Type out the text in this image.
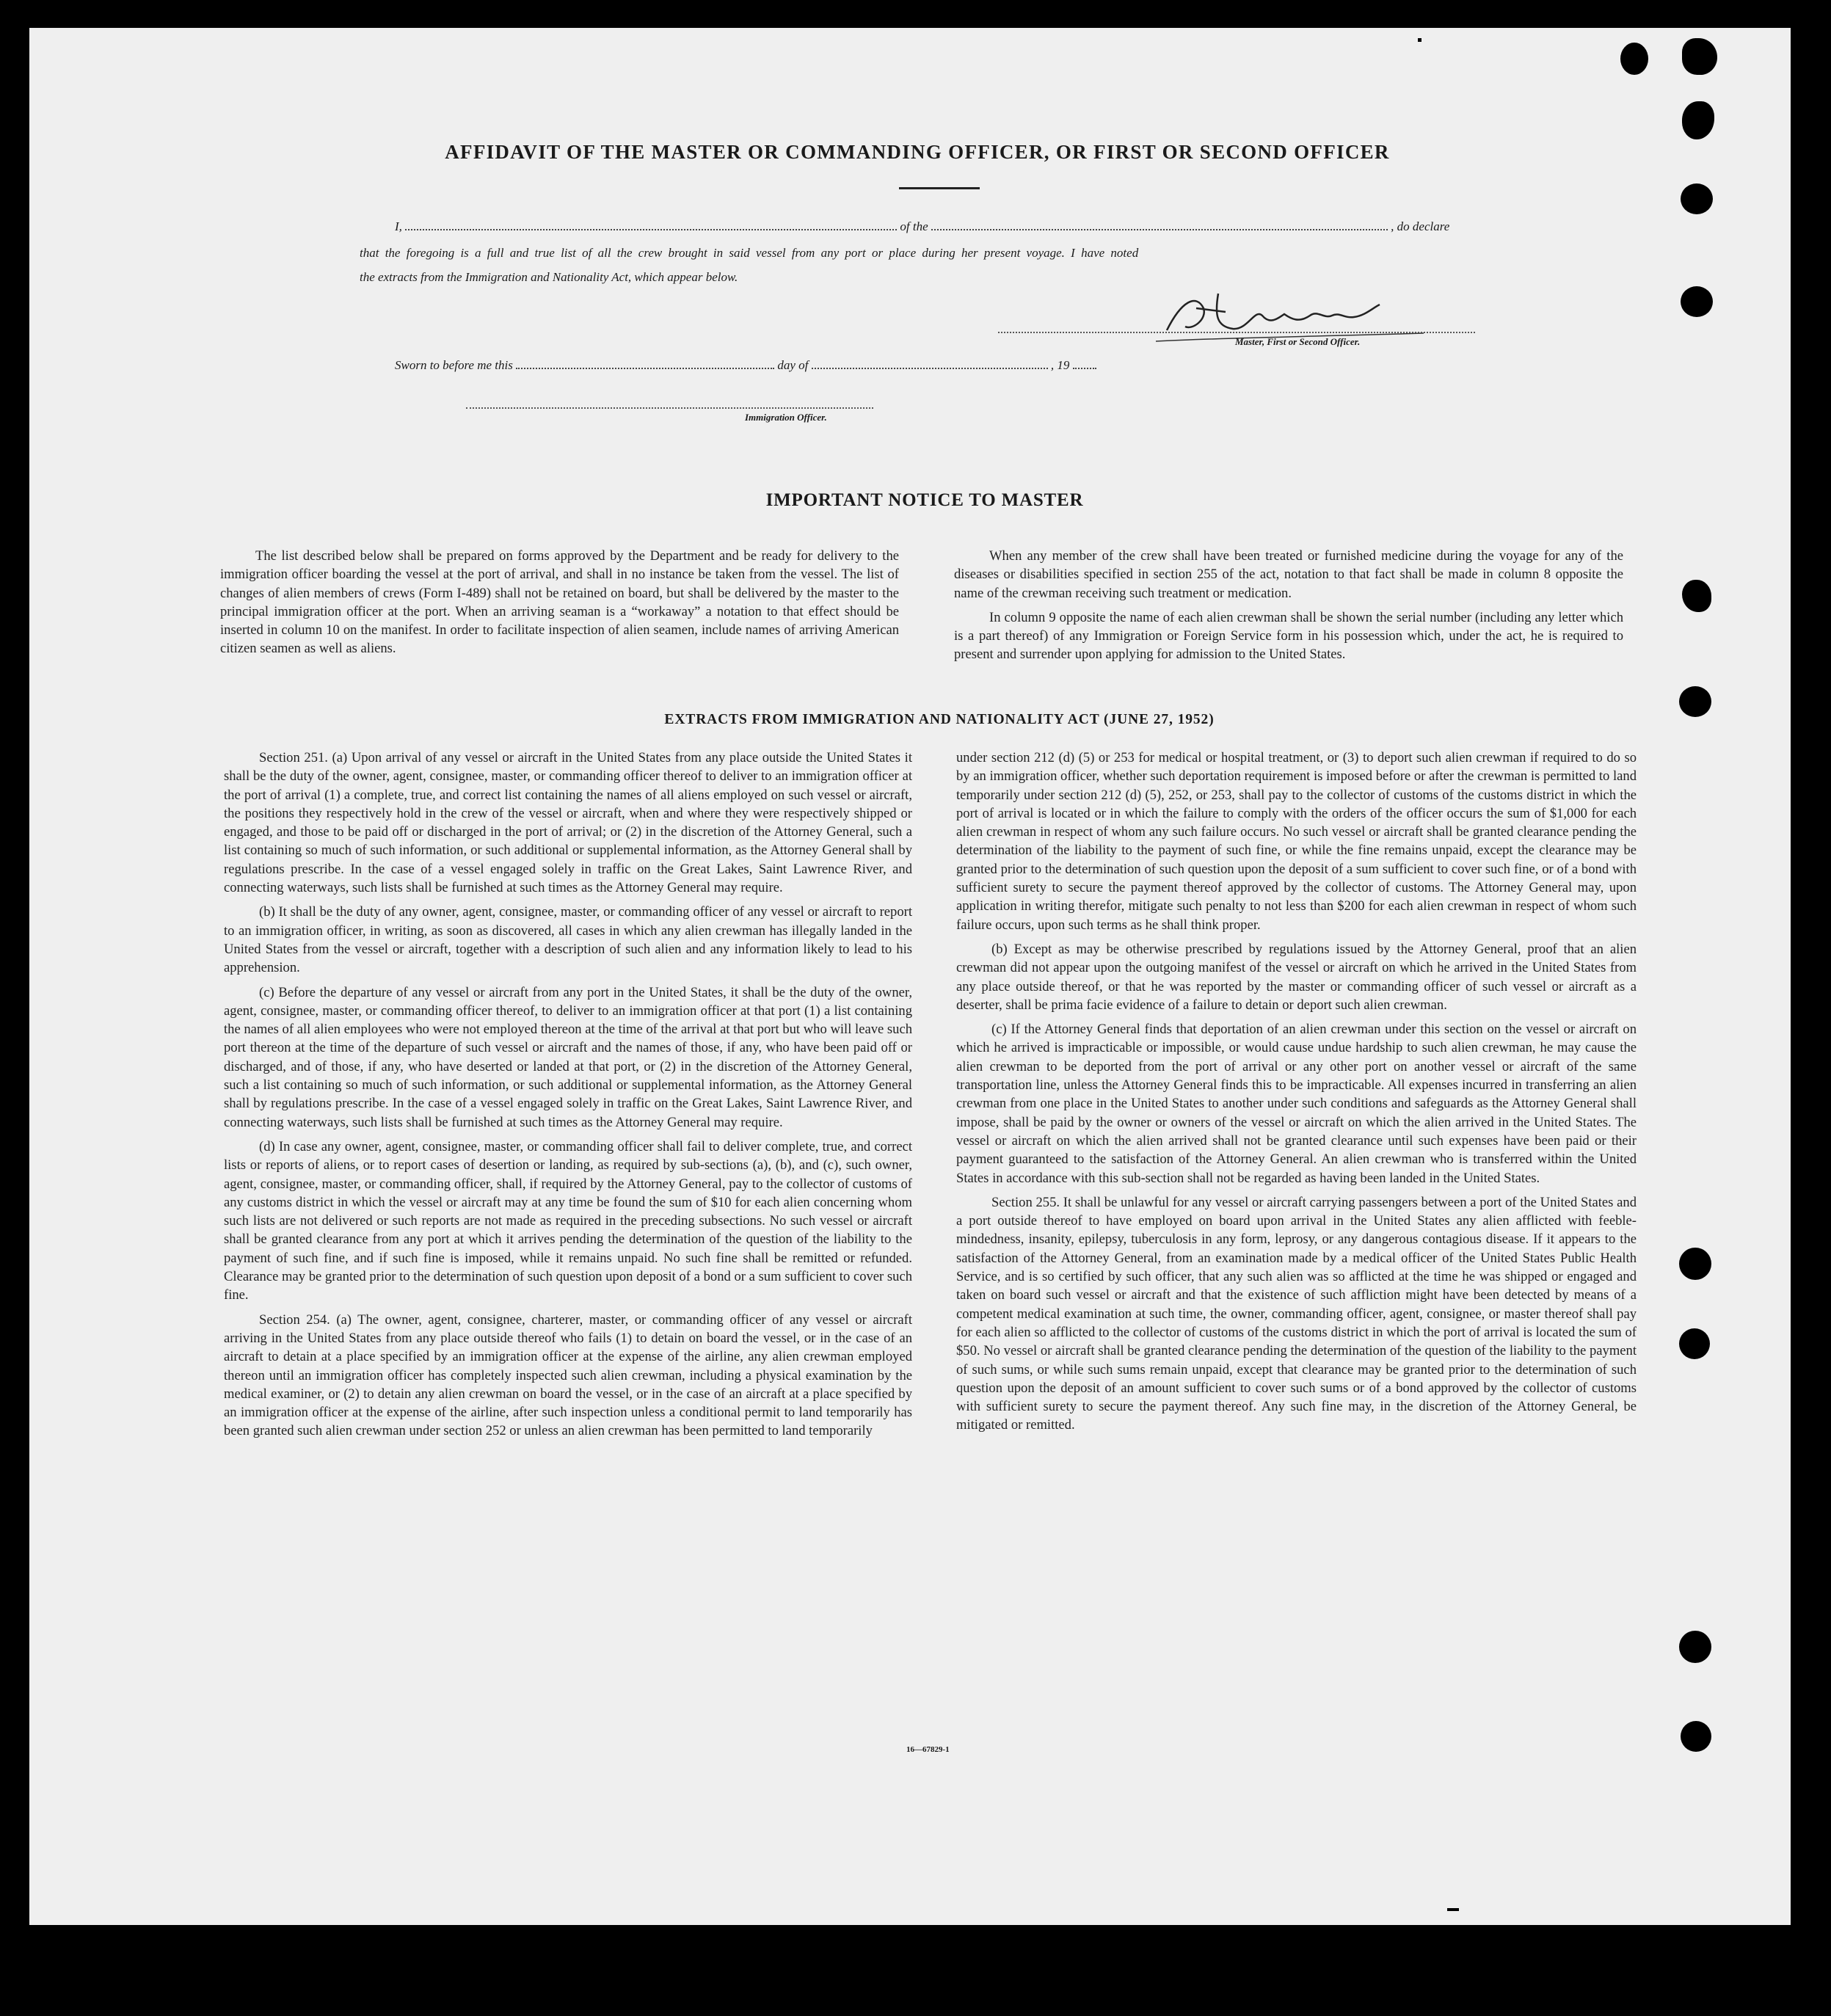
AFFIDAVIT OF THE MASTER OR COMMANDING OFFICER, OR FIRST OR SECOND OFFICER
I,	of the	, do declare
that the foregoing is a full and true list of all the crew brought in said vessel from any port or place during her present voyage. I have noted
the extracts from the Immigration and Nationality Act, which appear below.
Master, First or Second Officer.
Sworn to before me this	day of	, 19
Immigration Officer.
IMPORTANT NOTICE TO MASTER

The list described below shall be prepared on forms approved by the Department and be ready for delivery to the immigration officer boarding the vessel at the port of arrival, and shall in no instance be taken from the vessel. The list of changes of alien members of crews (Form I-489) shall not be retained on board, but shall be delivered by the master to the principal immigration officer at the port. When an arriving seaman is a “workaway” a notation to that effect should be inserted in column 10 on the manifest. In order to facilitate inspection of alien seamen, include names of arriving American citizen seamen as well as aliens.

When any member of the crew shall have been treated or furnished medicine during the voyage for any of the diseases or disabilities specified in section 255 of the act, notation to that fact shall be made in column 8 opposite the name of the crewman receiving such treatment or medication.

In column 9 opposite the name of each alien crewman shall be shown the serial number (including any letter which is a part thereof) of any Immigration or Foreign Service form in his possession which, under the act, he is required to present and surrender upon applying for admission to the United States.

EXTRACTS FROM IMMIGRATION AND NATIONALITY ACT (JUNE 27, 1952)

Section 251. (a) Upon arrival of any vessel or aircraft in the United States from any place outside the United States it shall be the duty of the owner, agent, consignee, master, or commanding officer thereof to deliver to an immigration officer at the port of arrival (1) a complete, true, and correct list containing the names of all aliens employed on such vessel or aircraft, the positions they respectively hold in the crew of the vessel or aircraft, when and where they were respectively shipped or engaged, and those to be paid off or discharged in the port of arrival; or (2) in the discretion of the Attorney General, such a list containing so much of such information, or such additional or supplemental information, as the Attorney General shall by regulations prescribe. In the case of a vessel engaged solely in traffic on the Great Lakes, Saint Lawrence River, and connecting waterways, such lists shall be furnished at such times as the Attorney General may require.

(b) It shall be the duty of any owner, agent, consignee, master, or commanding officer of any vessel or aircraft to report to an immigration officer, in writing, as soon as discovered, all cases in which any alien crewman has illegally landed in the United States from the vessel or aircraft, together with a description of such alien and any information likely to lead to his apprehension.

(c) Before the departure of any vessel or aircraft from any port in the United States, it shall be the duty of the owner, agent, consignee, master, or commanding officer thereof, to deliver to an immigration officer at that port (1) a list containing the names of all alien employees who were not employed thereon at the time of the arrival at that port but who will leave such port thereon at the time of the departure of such vessel or aircraft and the names of those, if any, who have been paid off or discharged, and of those, if any, who have deserted or landed at that port, or (2) in the discretion of the Attorney General, such a list containing so much of such information, or such additional or supplemental information, as the Attorney General shall by regulations prescribe. In the case of a vessel engaged solely in traffic on the Great Lakes, Saint Lawrence River, and connecting waterways, such lists shall be furnished at such times as the Attorney General may require.

(d) In case any owner, agent, consignee, master, or commanding officer shall fail to deliver complete, true, and correct lists or reports of aliens, or to report cases of desertion or landing, as required by sub-sections (a), (b), and (c), such owner, agent, consignee, master, or commanding officer, shall, if required by the Attorney General, pay to the collector of customs of any customs district in which the vessel or aircraft may at any time be found the sum of $10 for each alien concerning whom such lists are not delivered or such reports are not made as required in the preceding subsections. No such vessel or aircraft shall be granted clearance from any port at which it arrives pending the determination of the question of the liability to the payment of such fine, and if such fine is imposed, while it remains unpaid. No such fine shall be remitted or refunded. Clearance may be granted prior to the determination of such question upon deposit of a bond or a sum sufficient to cover such fine.

Section 254. (a) The owner, agent, consignee, charterer, master, or commanding officer of any vessel or aircraft arriving in the United States from any place outside thereof who fails (1) to detain on board the vessel, or in the case of an aircraft to detain at a place specified by an immigration officer at the expense of the airline, any alien crewman employed thereon until an immigration officer has completely inspected such alien crewman, including a physical examination by the medical examiner, or (2) to detain any alien crewman on board the vessel, or in the case of an aircraft at a place specified by an immigration officer at the expense of the airline, after such inspection unless a conditional permit to land temporarily has been granted such alien crewman under section 252 or unless an alien crewman has been permitted to land temporarily

under section 212 (d) (5) or 253 for medical or hospital treatment, or (3) to deport such alien crewman if required to do so by an immigration officer, whether such deportation requirement is imposed before or after the crewman is permitted to land temporarily under section 212 (d) (5), 252, or 253, shall pay to the collector of customs of the customs district in which the port of arrival is located or in which the failure to comply with the orders of the officer occurs the sum of $1,000 for each alien crewman in respect of whom any such failure occurs. No such vessel or aircraft shall be granted clearance pending the determination of the liability to the payment of such fine, or while the fine remains unpaid, except the clearance may be granted prior to the determination of such question upon the deposit of a sum sufficient to cover such fine, or of a bond with sufficient surety to secure the payment thereof approved by the collector of customs. The Attorney General may, upon application in writing therefor, mitigate such penalty to not less than $200 for each alien crewman in respect of whom such failure occurs, upon such terms as he shall think proper.

(b) Except as may be otherwise prescribed by regulations issued by the Attorney General, proof that an alien crewman did not appear upon the outgoing manifest of the vessel or aircraft on which he arrived in the United States from any place outside thereof, or that he was reported by the master or commanding officer of such vessel or aircraft as a deserter, shall be prima facie evidence of a failure to detain or deport such alien crewman.

(c) If the Attorney General finds that deportation of an alien crewman under this section on the vessel or aircraft on which he arrived is impracticable or impossible, or would cause undue hardship to such alien crewman, he may cause the alien crewman to be deported from the port of arrival or any other port on another vessel or aircraft of the same transportation line, unless the Attorney General finds this to be impracticable. All expenses incurred in transferring an alien crewman from one place in the United States to another under such conditions and safeguards as the Attorney General shall impose, shall be paid by the owner or owners of the vessel or aircraft on which the alien arrived in the United States. The vessel or aircraft on which the alien arrived shall not be granted clearance until such expenses have been paid or their payment guaranteed to the satisfaction of the Attorney General. An alien crewman who is transferred within the United States in accordance with this sub-section shall not be regarded as having been landed in the United States.

Section 255. It shall be unlawful for any vessel or aircraft carrying passengers between a port of the United States and a port outside thereof to have employed on board upon arrival in the United States any alien afflicted with feeble-mindedness, insanity, epilepsy, tuberculosis in any form, leprosy, or any dangerous contagious disease. If it appears to the satisfaction of the Attorney General, from an examination made by a medical officer of the United States Public Health Service, and is so certified by such officer, that any such alien was so afflicted at the time he was shipped or engaged and taken on board such vessel or aircraft and that the existence of such affliction might have been detected by means of a competent medical examination at such time, the owner, commanding officer, agent, consignee, or master thereof shall pay for each alien so afflicted to the collector of customs of the customs district in which the port of arrival is located the sum of $50. No vessel or aircraft shall be granted clearance pending the determination of the question of the liability to the payment of such sums, or while such sums remain unpaid, except that clearance may be granted prior to the determination of such question upon the deposit of an amount sufficient to cover such sums or of a bond approved by the collector of customs with sufficient surety to secure the payment thereof. Any such fine may, in the discretion of the Attorney General, be mitigated or remitted.

16—67829-1
